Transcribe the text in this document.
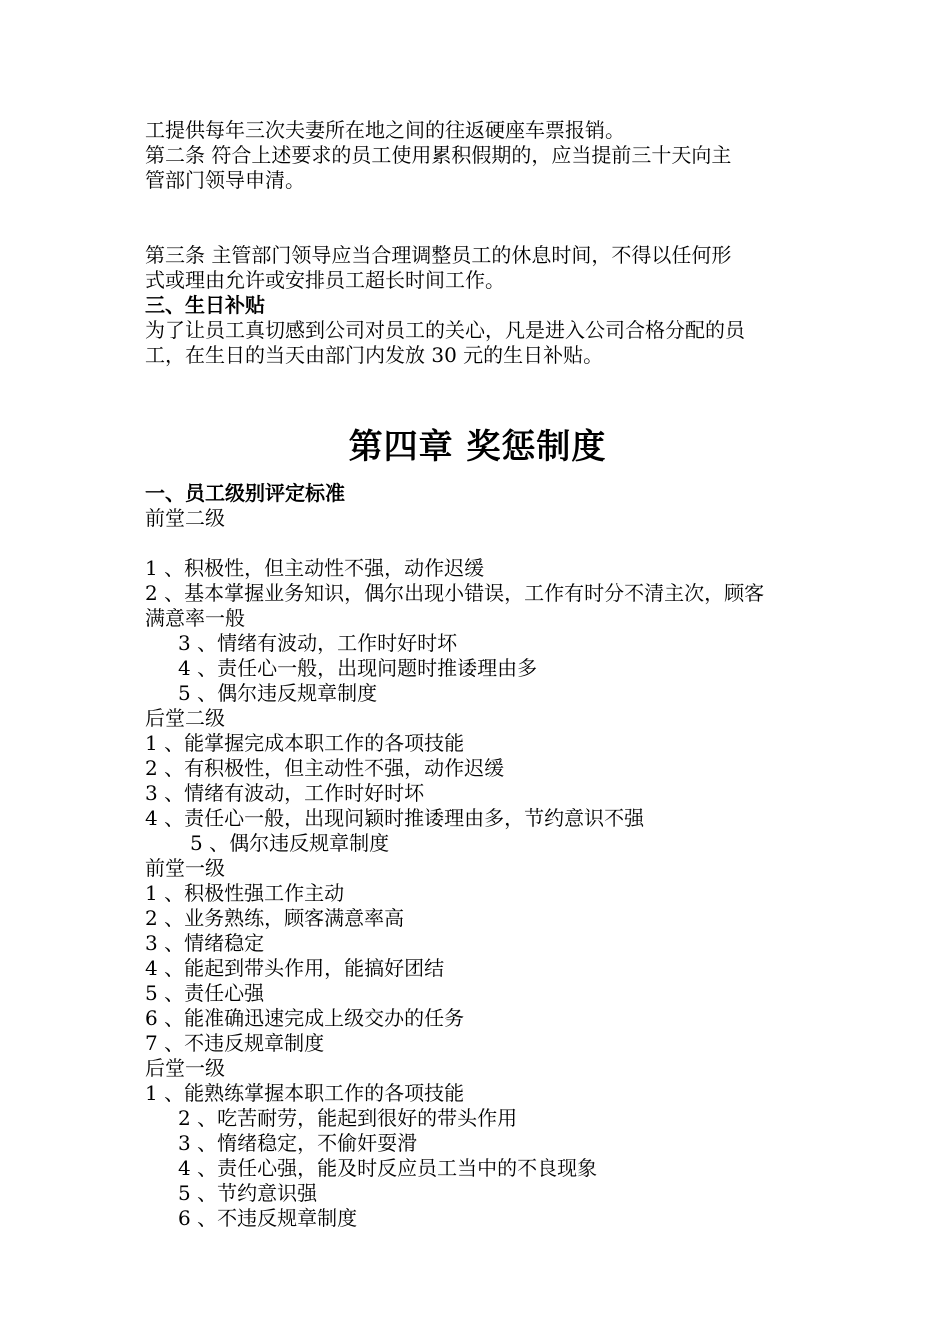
工提供每年三次夫妻所在地之间的往返硬座车票报销。
第二条 符合上述要求的员工使用累积假期的，应当提前三十天向主
管部门领导申清。
第三条 主管部门领导应当合理调整员工的休息时间，不得以任何形
式或理由允许或安排员工超长时间工作。
三、生日补贴
为了让员工真切感到公司对员工的关心，凡是进入公司合格分配的员
工，在生日的当天由部门内发放 30 元的生日补贴。
第四章 奖惩制度
一、员工级别评定标准
前堂二级
1 、积极性，但主动性不强，动作迟缓
2 、基本掌握业务知识，偶尔出现小错误，工作有时分不清主次，顾客
满意率一般
3 、情绪有波动，工作时好时坏
4 、责任心一般，出现问题时推诿理由多
5 、偶尔违反规章制度
后堂二级
1 、能掌握完成本职工作的各项技能
2 、有积极性，但主动性不强，动作迟缓
3 、情绪有波动，工作时好时坏
4 、责任心一般，出现问颖时推诿理由多，节约意识不强
5 、偶尔违反规章制度
前堂一级
1 、积极性强工作主动
2 、业务熟练，顾客满意率高
3 、情绪稳定
4 、能起到带头作用，能搞好团结
5 、责任心强
6 、能准确迅速完成上级交办的任务
7 、不违反规章制度
后堂一级
1 、能熟练掌握本职工作的各项技能
2 、吃苦耐劳，能起到很好的带头作用
3 、惰绪稳定，不偷奸耍滑
4 、责任心强，能及时反应员工当中的不良现象
5 、节约意识强
6 、不违反规章制度
